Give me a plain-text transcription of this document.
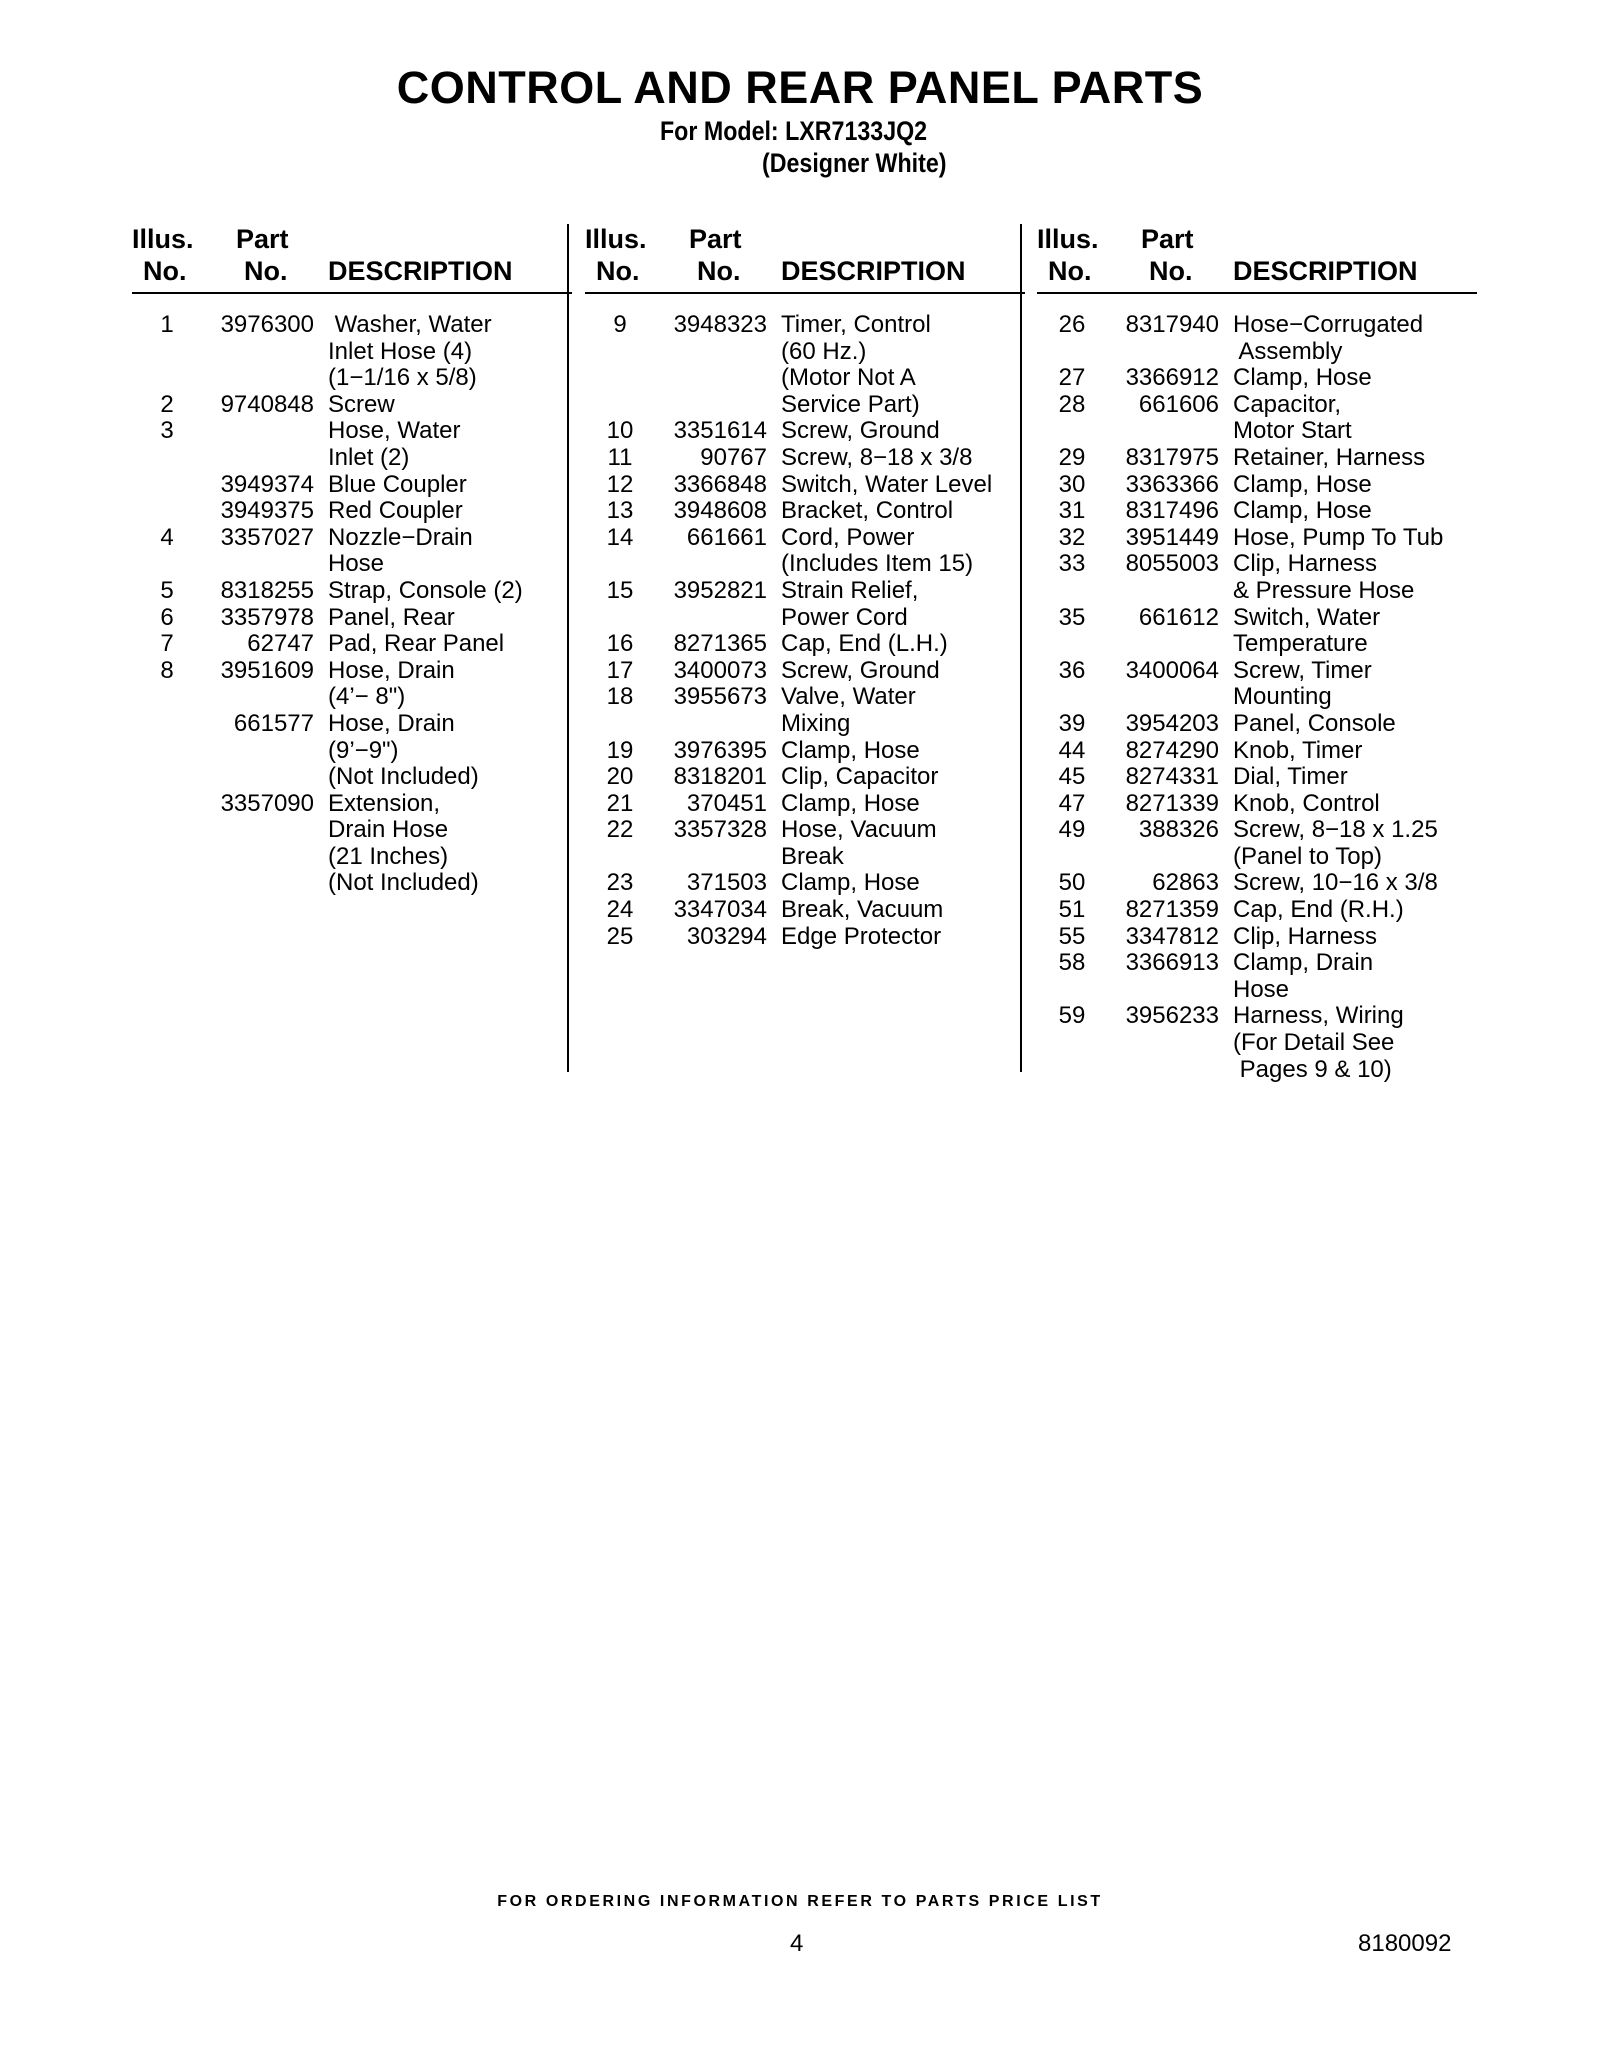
CONTROL AND REAR PANEL PARTS
For Model: LXR7133JQ2
(Designer White)
Illus.
No.
Part
No. DESCRIPTION
1	3976300 Washer, Water
Inlet Hose (4)
(1−1/16 x 5/8)
2	9740848 Screw
3	Hose, Water
Inlet (2)
3949374 Blue Coupler
3949375 Red Coupler
4	3357027 Nozzle−Drain
Hose
5	8318255 Strap, Console (2)
6	3357978 Panel, Rear
7	62747 Pad, Rear Panel
8	3951609 Hose, Drain
(4’− 8")
661577 Hose, Drain
(9’−9")
(Not Included)
3357090 Extension,
Drain Hose
(21 Inches)
(Not Included)
Illus.
No.
Part
No. DESCRIPTION
9	3948323 Timer, Control
(60 Hz.)
(Motor Not A
Service Part)
10	3351614 Screw, Ground
11	90767 Screw, 8−18 x 3/8
12	3366848 Switch, Water Level
13	3948608 Bracket, Control
14	661661 Cord, Power
(Includes Item 15)
15	3952821 Strain Relief,
Power Cord
16	8271365 Cap, End (L.H.)
17	3400073 Screw, Ground
18	3955673 Valve, Water
Mixing
19	3976395 Clamp, Hose
20	8318201 Clip, Capacitor
21	370451 Clamp, Hose
22	3357328 Hose, Vacuum
Break
23	371503 Clamp, Hose
24	3347034 Break, Vacuum
25	303294 Edge Protector
Illus.
No.
Part
No. DESCRIPTION
26	8317940 Hose−Corrugated
Assembly
27	3366912 Clamp, Hose
28	661606 Capacitor,
Motor Start
29	8317975 Retainer, Harness
30	3363366 Clamp, Hose
31	8317496 Clamp, Hose
32	3951449 Hose, Pump To Tub
33	8055003 Clip, Harness
& Pressure Hose
35	661612 Switch, Water
Temperature
36	3400064 Screw, Timer
Mounting
39	3954203 Panel, Console
44	8274290 Knob, Timer
45	8274331 Dial, Timer
47	8271339 Knob, Control
49	388326 Screw, 8−18 x 1.25
(Panel to Top)
50	62863 Screw, 10−16 x 3/8
51	8271359 Cap, End (R.H.)
55	3347812 Clip, Harness
58	3366913 Clamp, Drain
Hose
59	3956233 Harness, Wiring
(For Detail See
Pages 9 & 10)
FOR ORDERING INFORMATION REFER TO PARTS PRICE LIST
4	8180092
